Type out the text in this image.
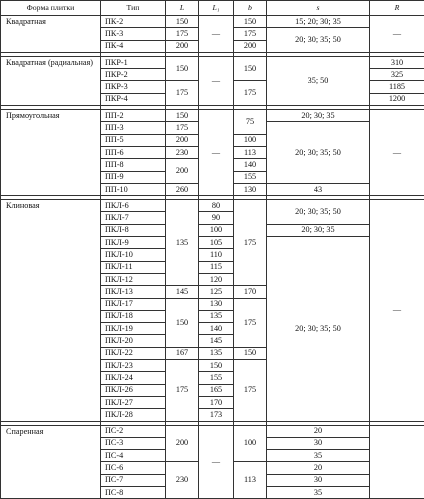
Форма плитки	Тип	L	L₁	b	s	R
Квадратная	ПК-2	150	—	150	15; 20; 30; 35	—
	ПК-3	175		175	20; 30; 35; 50	
	ПК-4	200		200		

Квадратная (радиальная)	ПКР-1	150	—	150	35; 50	310
	ПКР-2					325
	ПКР-3	175		175		1185
	ПКР-4					1200

Прямоугольная	ПП-2	150	—	75	20; 30; 35	—
	ПП-3	175			20; 30; 35; 50	
	ПП-5	200		100		
	ПП-6	230		113		
	ПП-8	200		140		
	ПП-9			155		
	ПП-10	260		130	43	

Клиновая	ПКЛ-6	135	80	175	20; 30; 35; 50	—
	ПКЛ-7		90			
	ПКЛ-8		100		20; 30; 35	
	ПКЛ-9		105		20; 30; 35; 50	
	ПКЛ-10		110			
	ПКЛ-11		115			
	ПКЛ-12		120			
	ПКЛ-13	145	125	170		
	ПКЛ-17	150	130	175		
	ПКЛ-18		135			
	ПКЛ-19		140			
	ПКЛ-20		145			
	ПКЛ-22	167	135	150		
	ПКЛ-23	175	150	175		
	ПКЛ-24		155			
	ПКЛ-26		165			
	ПКЛ-27		170			
	ПКЛ-28		173			

Спаренная	ПС-2	200	—	100	20	
	ПС-3				30	
	ПС-4				35	
	ПС-6	230		113	20	
	ПС-7				30	
	ПС-8				35	
